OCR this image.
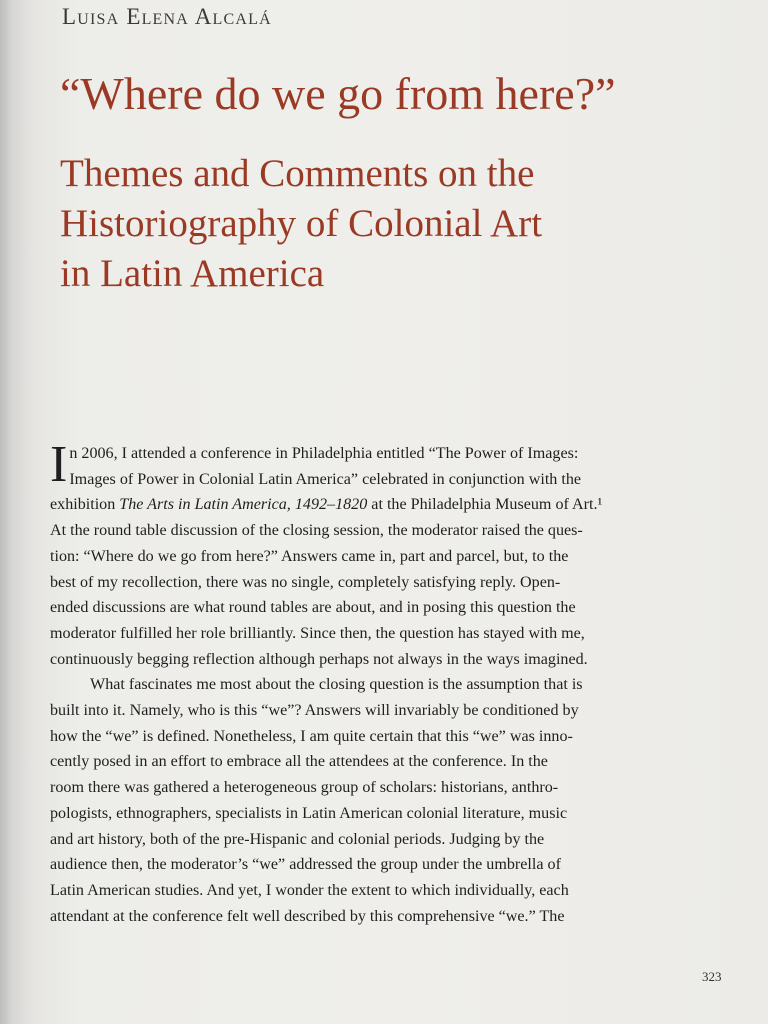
Luisa Elena Alcalá
“Where do we go from here?”
Themes and Comments on the
Historiography of Colonial Art
in Latin America
I n 2006, I attended a conference in Philadelphia entitled “The Power of Images:
Images of Power in Colonial Latin America” celebrated in conjunction with the
exhibition The Arts in Latin America, 1492–1820 at the Philadelphia Museum of Art.¹
At the round table discussion of the closing session, the moderator raised the ques-
tion: “Where do we go from here?” Answers came in, part and parcel, but, to the
best of my recollection, there was no single, completely satisfying reply. Open-
ended discussions are what round tables are about, and in posing this question the
moderator fulfilled her role brilliantly. Since then, the question has stayed with me,
continuously begging reflection although perhaps not always in the ways imagined.
What fascinates me most about the closing question is the assumption that is
built into it. Namely, who is this “we”? Answers will invariably be conditioned by
how the “we” is defined. Nonetheless, I am quite certain that this “we” was inno-
cently posed in an effort to embrace all the attendees at the conference. In the
room there was gathered a heterogeneous group of scholars: historians, anthro-
pologists, ethnographers, specialists in Latin American colonial literature, music
and art history, both of the pre-Hispanic and colonial periods. Judging by the
audience then, the moderator’s “we” addressed the group under the umbrella of
Latin American studies. And yet, I wonder the extent to which individually, each
attendant at the conference felt well described by this comprehensive “we.” The
323
